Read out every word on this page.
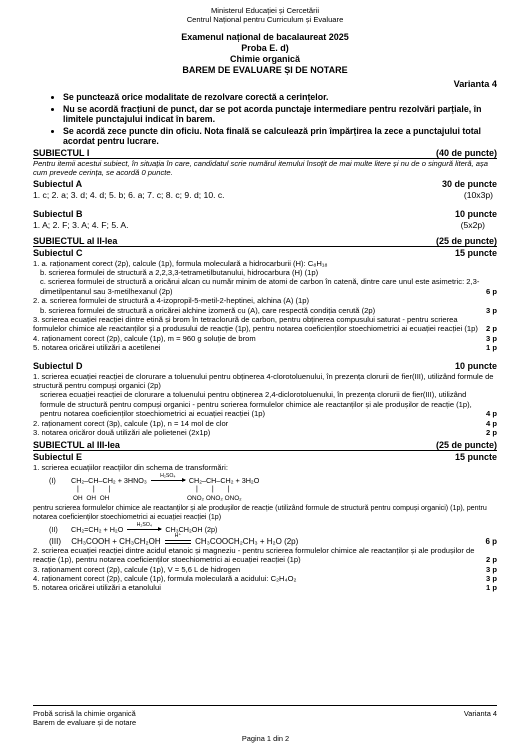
Ministerul Educației și Cercetării
Centrul Național pentru Curriculum și Evaluare
Examenul național de bacalaureat 2025
Proba E. d)
Chimie organică
BAREM DE EVALUARE ȘI DE NOTARE
Varianta 4
• Se punctează orice modalitate de rezolvare corectă a cerințelor.
• Nu se acordă fracțiuni de punct, dar se pot acorda punctaje intermediare pentru rezolvări parțiale, în limitele punctajului indicat în barem.
• Se acordă zece puncte din oficiu. Nota finală se calculează prin împărțirea la zece a punctajului total acordat pentru lucrare.
SUBIECTUL I	(40 de puncte)
Pentru itemii acestui subiect, în situația în care, candidatul scrie numărul itemului însoțit de mai multe litere și nu de o singură literă, așa cum prevede cerința, se acordă 0 puncte.
Subiectul A	30 de puncte
1. c; 2. a; 3. d; 4. d; 5. b; 6. a; 7. c; 8. c; 9. d; 10. c.	(10x3p)
Subiectul B	10 puncte
1. A; 2. F; 3. A; 4. F; 5. A.	(5x2p)
SUBIECTUL al II-lea	(25 de puncte)
Subiectul C	15 puncte
1. a. raționament corect (2p), calcule (1p), formula moleculară a hidrocarburii (H): C₈H₁₈
b. scrierea formulei de structură a 2,2,3,3-tetrametilbutanului, hidrocarbura (H) (1p)
c. scrierea formulei de structură a oricărui alcan cu număr minim de atomi de carbon în catenă, dintre care unul este asimetric: 2,3-dimetilpentanul sau 3-metilhexanul (2p)	6 p
2. a. scrierea formulei de structură a 4-izopropil-5-metil-2-heptinei, alchina (A) (1p)
b. scrierea formulei de structură a oricărei alchine izomeră cu (A), care respectă condiția cerută (2p)	3 p
3. scrierea ecuației reacției dintre etină și brom în tetraclorură de carbon, pentru obținerea compusului saturat - pentru scrierea formulelor chimice ale reactanților și a produsului de reacție (1p), pentru notarea coeficienților stoechiometrici ai ecuației reacției (1p)	2 p
4. raționament corect (2p), calcule (1p), m = 960 g soluție de brom	3 p
5. notarea oricărei utilizări a acetilenei	1 p
Subiectul D	10 puncte
1. scrierea ecuației reacției de clorurare a toluenului pentru obținerea 4-clorotoluenului, în prezența clorurii de fier(III), utilizând formule de structură pentru compuși organici (2p)
scrierea ecuației reacției de clorurare a toluenului pentru obținerea 2,4-diclorotoluenului, în prezența clorurii de fier(III), utilizând formule de structură pentru compuși organici - pentru scrierea formulelor chimice ale reactanților și ale produșilor de reacție (1p), pentru notarea coeficienților stoechiometrici ai ecuației reacției (1p)	4 p
2. raționament corect (3p), calcule (1p), n = 14 mol de clor	4 p
3. notarea oricăror două utilizări ale polietenei (2x1p)	2 p
SUBIECTUL al III-lea	(25 de puncte)
Subiectul E	15 puncte
1. scrierea ecuațiilor reacțiilor din schema de transformări:
(I) CH₂–CH–CH₂ + 3HNO₃	H₂SO₄	CH₂–CH–CH₂ + 3H₂O
|||
OH OH OH
|||
ONO₂ ONO₂ ONO₂
pentru scrierea formulelor chimice ale reactanților și ale produșilor de reacție (utilizând formule de structură pentru compuși organici) (1p), pentru notarea coeficienților stoechiometrici ai ecuației reacției (1p)
(II) CH₂=CH₂ + H₂O	H₂SO₄	CH₃CH₂OH (2p)
(III) CH₃COOH + CH₃CH₂OH
H⁺
CH₃COOCH₂CH₃ + H₂O (2p)	6 p
2. scrierea ecuației reacției dintre acidul etanoic și magneziu - pentru scrierea formulelor chimice ale reactanților și ale produșilor de reacție (1p), pentru notarea coeficienților stoechiometrici ai ecuației reacției (1p)	2 p
3. raționament corect (2p), calcule (1p), V = 5,6 L de hidrogen	3 p
4. raționament corect (2p), calcule (1p), formula moleculară a acidului: C₂H₄O₂	3 p
5. notarea oricărei utilizări a etanolului	1 p
Probă scrisă la chimie organică	Varianta 4
Barem de evaluare și de notare
Pagina 1 din 2
